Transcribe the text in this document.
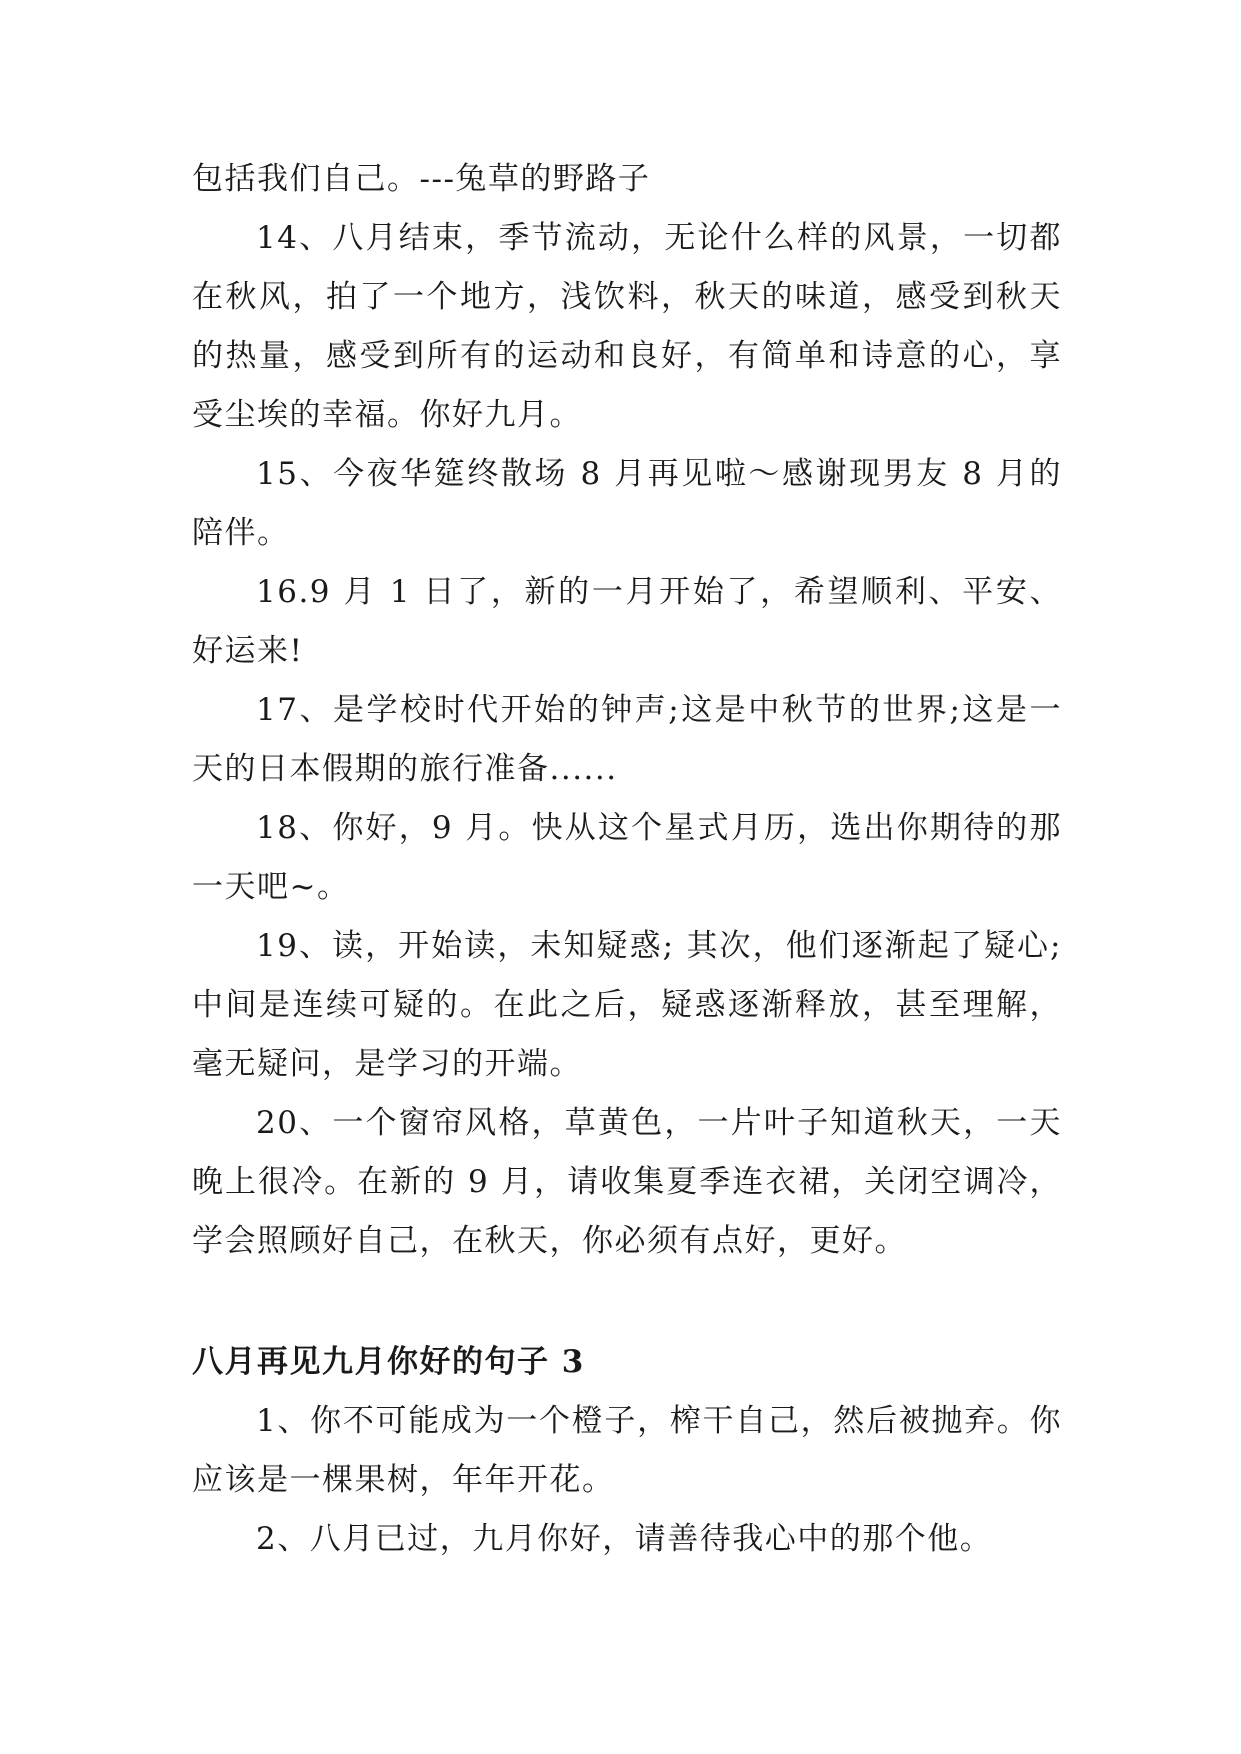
包括我们自己。---兔草的野路子

14、八月结束，季节流动，无论什么样的风景，一切都在秋风，拍了一个地方，浅饮料，秋天的味道，感受到秋天的热量，感受到所有的运动和良好，有简单和诗意的心，享受尘埃的幸福。你好九月。

15、今夜华筵终散场 8 月再见啦～感谢现男友 8 月的陪伴。

16.9 月 1 日了，新的一月开始了，希望顺利、平安、好运来!

17、是学校时代开始的钟声;这是中秋节的世界;这是一天的日本假期的旅行准备......

18、你好，9 月。快从这个星式月历，选出你期待的那一天吧~。

19、读，开始读，未知疑惑; 其次，他们逐渐起了疑心; 中间是连续可疑的。在此之后，疑惑逐渐释放，甚至理解，毫无疑问，是学习的开端。

20、一个窗帘风格，草黄色，一片叶子知道秋天，一天晚上很冷。在新的 9 月，请收集夏季连衣裙，关闭空调冷，学会照顾好自己，在秋天，你必须有点好，更好。

八月再见九月你好的句子 3

1、你不可能成为一个橙子，榨干自己，然后被抛弃。你应该是一棵果树，年年开花。

2、八月已过，九月你好，请善待我心中的那个他。
